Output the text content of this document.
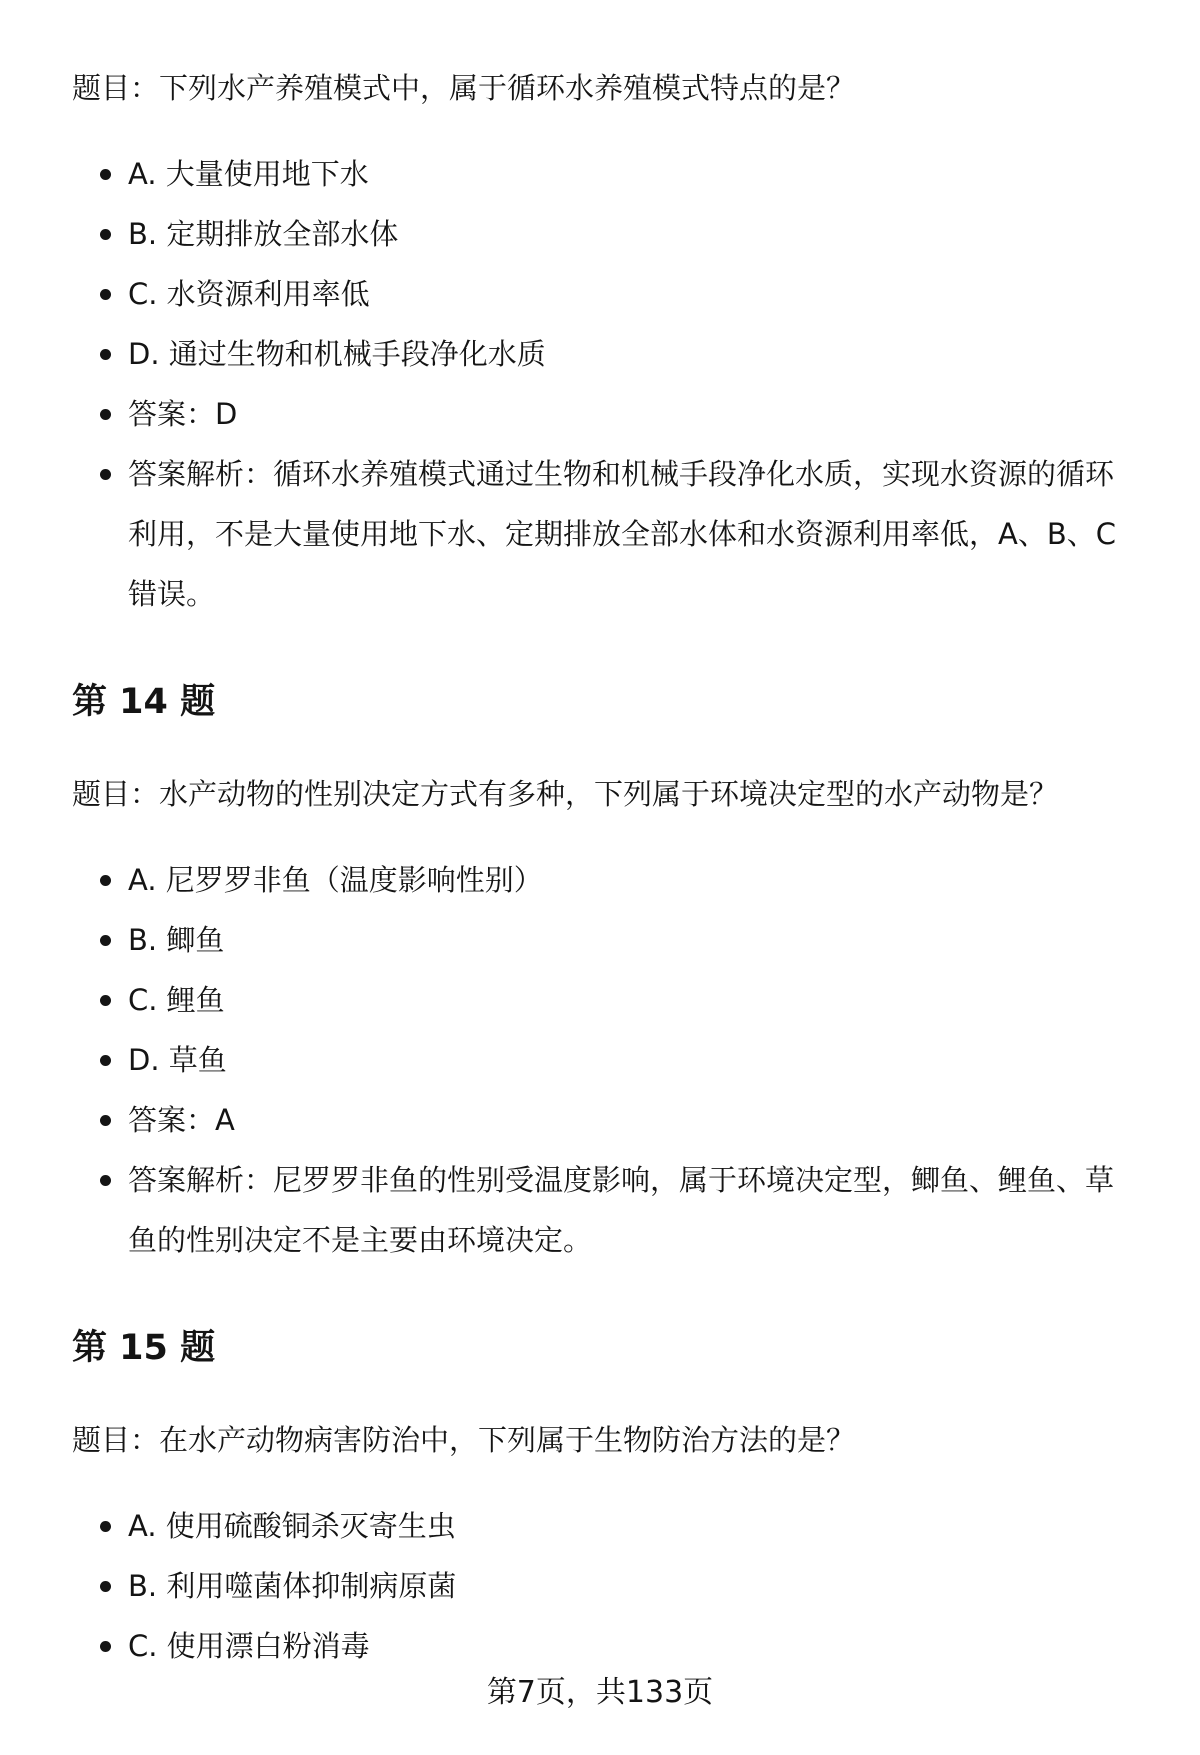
题目：下列水产养殖模式中，属于循环水养殖模式特点的是？

A. 大量使用地下水
B. 定期排放全部水体
C. 水资源利用率低
D. 通过生物和机械手段净化水质
答案：D
答案解析：循环水养殖模式通过生物和机械手段净化水质，实现水资源的循环利用，不是大量使用地下水、定期排放全部水体和水资源利用率低，A、B、C 错误。
第 14 题

题目：水产动物的性别决定方式有多种，下列属于环境决定型的水产动物是？

A. 尼罗罗非鱼（温度影响性别）
B. 鲫鱼
C. 鲤鱼
D. 草鱼
答案：A
答案解析：尼罗罗非鱼的性别受温度影响，属于环境决定型，鲫鱼、鲤鱼、草鱼的性别决定不是主要由环境决定。
第 15 题

题目：在水产动物病害防治中，下列属于生物防治方法的是？

A. 使用硫酸铜杀灭寄生虫
B. 利用噬菌体抑制病原菌
C. 使用漂白粉消毒
第7页，共133页
